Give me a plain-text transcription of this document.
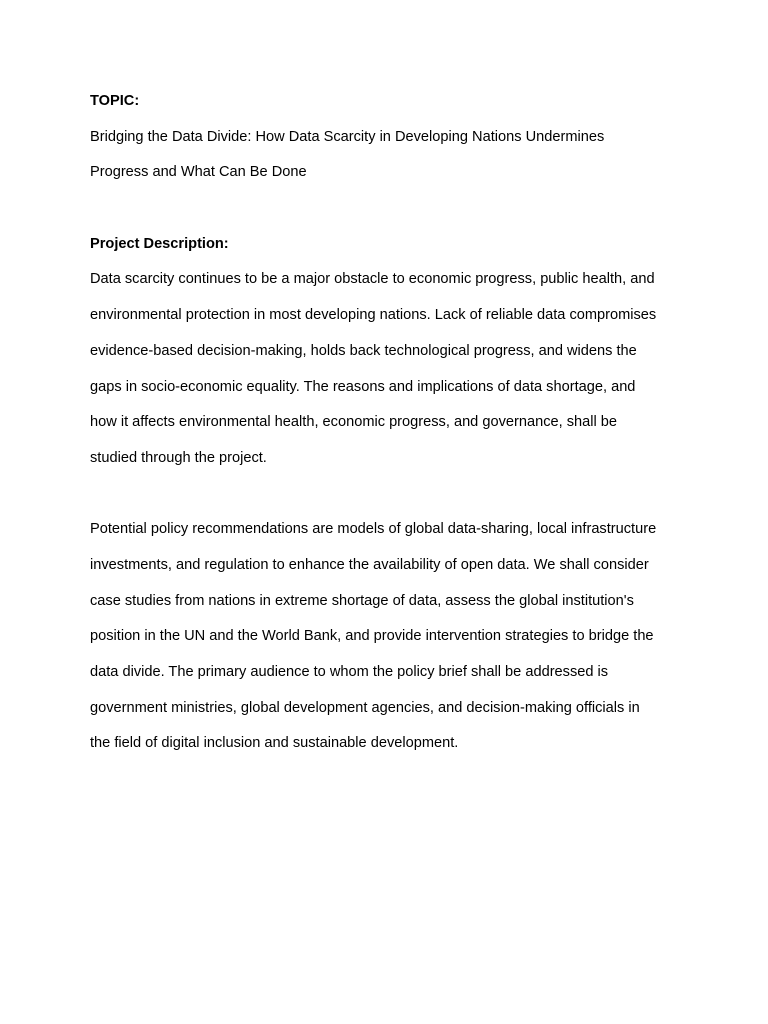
TOPIC:

Bridging the Data Divide: How Data Scarcity in Developing Nations Undermines

Progress and What Can Be Done

Project Description:

Data scarcity continues to be a major obstacle to economic progress, public health, and

environmental protection in most developing nations. Lack of reliable data compromises

evidence-based decision-making, holds back technological progress, and widens the

gaps in socio-economic equality. The reasons and implications of data shortage, and

how it affects environmental health, economic progress, and governance, shall be

studied through the project.

Potential policy recommendations are models of global data-sharing, local infrastructure

investments, and regulation to enhance the availability of open data. We shall consider

case studies from nations in extreme shortage of data, assess the global institution's

position in the UN and the World Bank, and provide intervention strategies to bridge the

data divide. The primary audience to whom the policy brief shall be addressed is

government ministries, global development agencies, and decision-making officials in

the field of digital inclusion and sustainable development.
